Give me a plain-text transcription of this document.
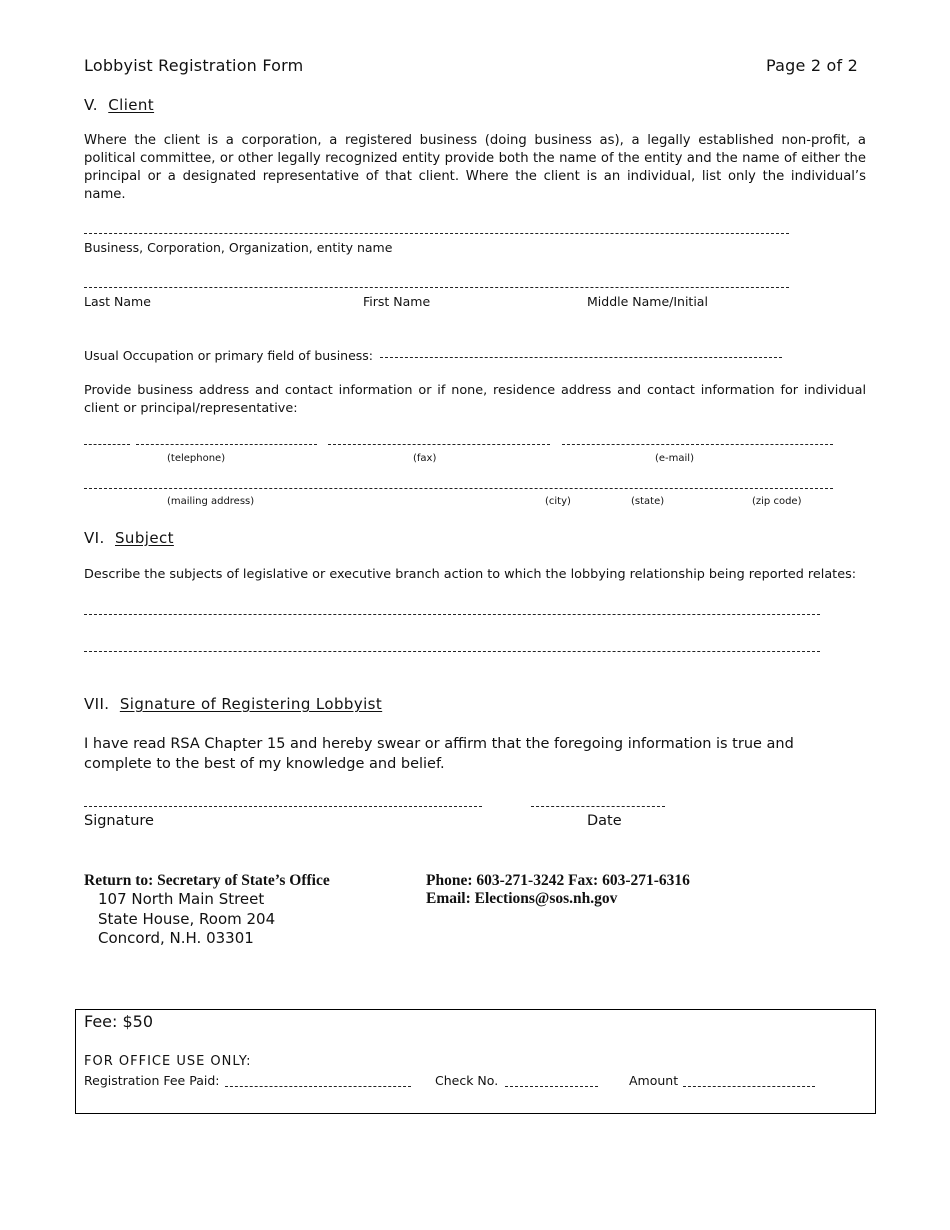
Lobbyist Registration Form	Page 2 of 2
V. Client
Where the client is a corporation, a registered business (doing business as), a legally established non-profit, a political committee, or other legally recognized entity provide both the name of the entity and the name of either the principal or a designated representative of that client. Where the client is an individual, list only the individual’s name.
Business, Corporation, Organization, entity name
Last Name	First Name	Middle Name/Initial
Usual Occupation or primary field of business:
Provide business address and contact information or if none, residence address and contact information for individual client or principal/representative:
(telephone)	(fax)	(e-mail)
(mailing address)	(city)	(state)	(zip code)
VI. Subject
Describe the subjects of legislative or executive branch action to which the lobbying relationship being reported relates:
VII. Signature of Registering Lobbyist
I have read RSA Chapter 15 and hereby swear or affirm that the foregoing information is true and complete to the best of my knowledge and belief.
Signature	Date
Return to: Secretary of State’s Office
107 North Main Street
State House, Room 204
Concord, N.H. 03301
Phone: 603-271-3242 Fax: 603-271-6316
Email: Elections@sos.nh.gov
Fee: $50
FOR OFFICE USE ONLY:
Registration Fee Paid:	Check No.	Amount
